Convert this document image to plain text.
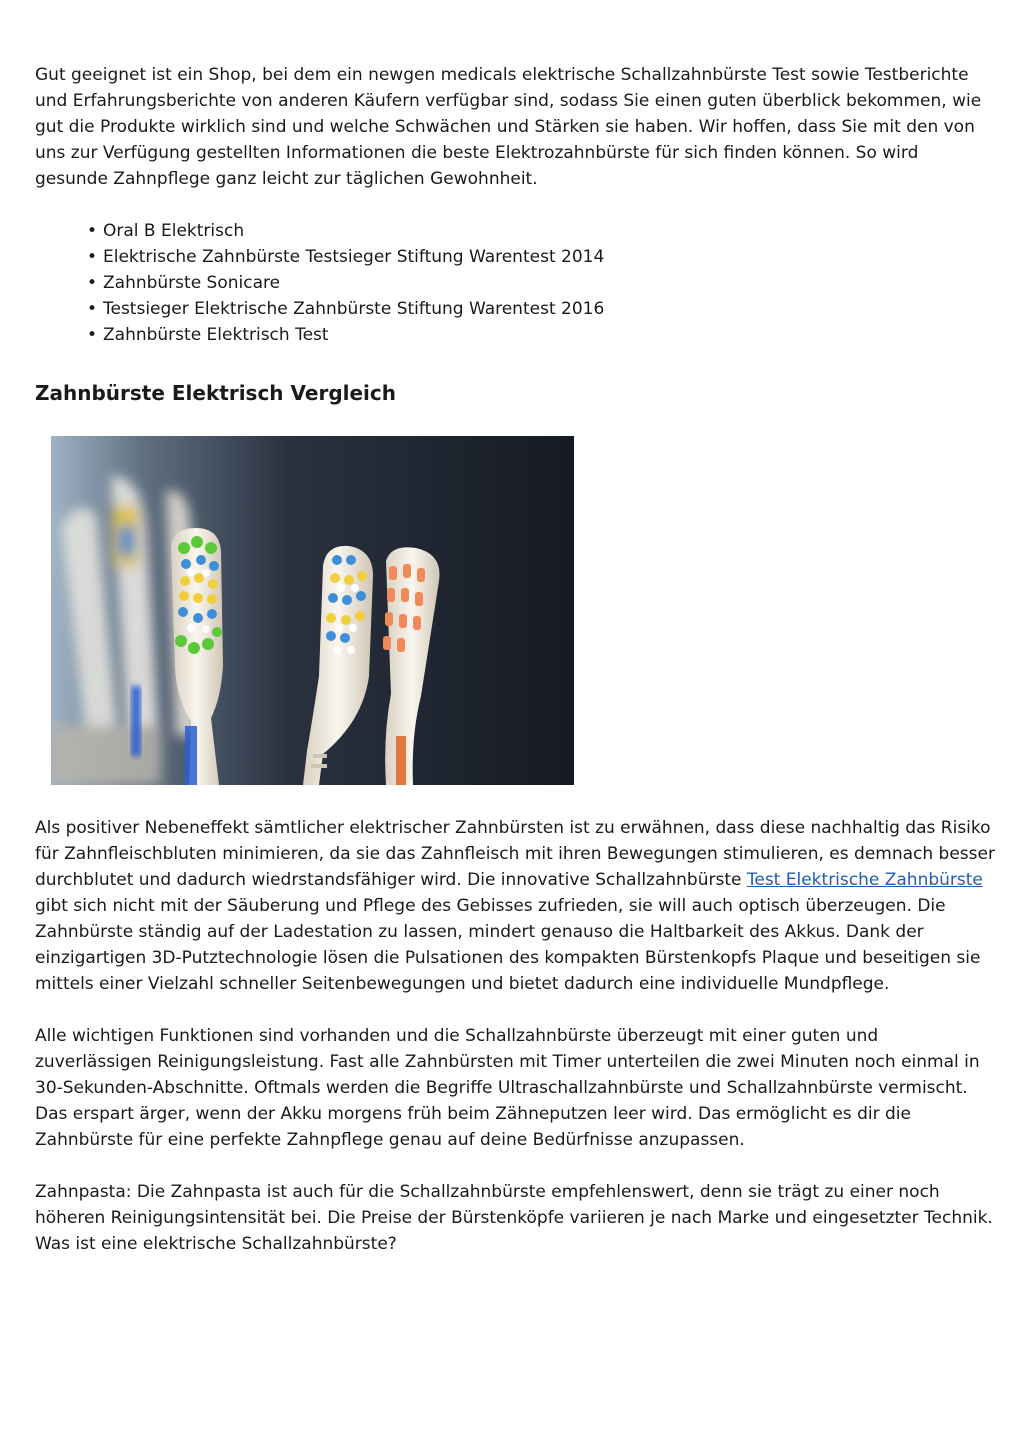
Gut geeignet ist ein Shop, bei dem ein newgen medicals elektrische Schallzahnbürste Test sowie Testberichte und Erfahrungsberichte von anderen Käufern verfügbar sind, sodass Sie einen guten überblick bekommen, wie gut die Produkte wirklich sind und welche Schwächen und Stärken sie haben. Wir hoffen, dass Sie mit den von uns zur Verfügung gestellten Informationen die beste Elektrozahnbürste für sich finden können. So wird gesunde Zahnpflege ganz leicht zur täglichen Gewohnheit.

• Oral B Elektrisch
• Elektrische Zahnbürste Testsieger Stiftung Warentest 2014
• Zahnbürste Sonicare
• Testsieger Elektrische Zahnbürste Stiftung Warentest 2016
• Zahnbürste Elektrisch Test
Zahnbürste Elektrisch Vergleich

Als positiver Nebeneffekt sämtlicher elektrischer Zahnbürsten ist zu erwähnen, dass diese nachhaltig das Risiko für Zahnfleischbluten minimieren, da sie das Zahnfleisch mit ihren Bewegungen stimulieren, es demnach besser durchblutet und dadurch wiedrstandsfähiger wird. Die innovative Schallzahnbürste Test Elektrische Zahnbürste gibt sich nicht mit der Säuberung und Pflege des Gebisses zufrieden, sie will auch optisch überzeugen. Die Zahnbürste ständig auf der Ladestation zu lassen, mindert genauso die Haltbarkeit des Akkus. Dank der einzigartigen 3D-Putztechnologie lösen die Pulsationen des kompakten Bürstenkopfs Plaque und beseitigen sie mittels einer Vielzahl schneller Seitenbewegungen und bietet dadurch eine individuelle Mundpflege.

Alle wichtigen Funktionen sind vorhanden und die Schallzahnbürste überzeugt mit einer guten und zuverlässigen Reinigungsleistung. Fast alle Zahnbürsten mit Timer unterteilen die zwei Minuten noch einmal in 30-Sekunden-Abschnitte. Oftmals werden die Begriffe Ultraschallzahnbürste und Schallzahnbürste vermischt. Das erspart ärger, wenn der Akku morgens früh beim Zähneputzen leer wird. Das ermöglicht es dir die Zahnbürste für eine perfekte Zahnpflege genau auf deine Bedürfnisse anzupassen.

Zahnpasta: Die Zahnpasta ist auch für die Schallzahnbürste empfehlenswert, denn sie trägt zu einer noch höheren Reinigungsintensität bei. Die Preise der Bürstenköpfe variieren je nach Marke und eingesetzter Technik. Was ist eine elektrische Schallzahnbürste?
